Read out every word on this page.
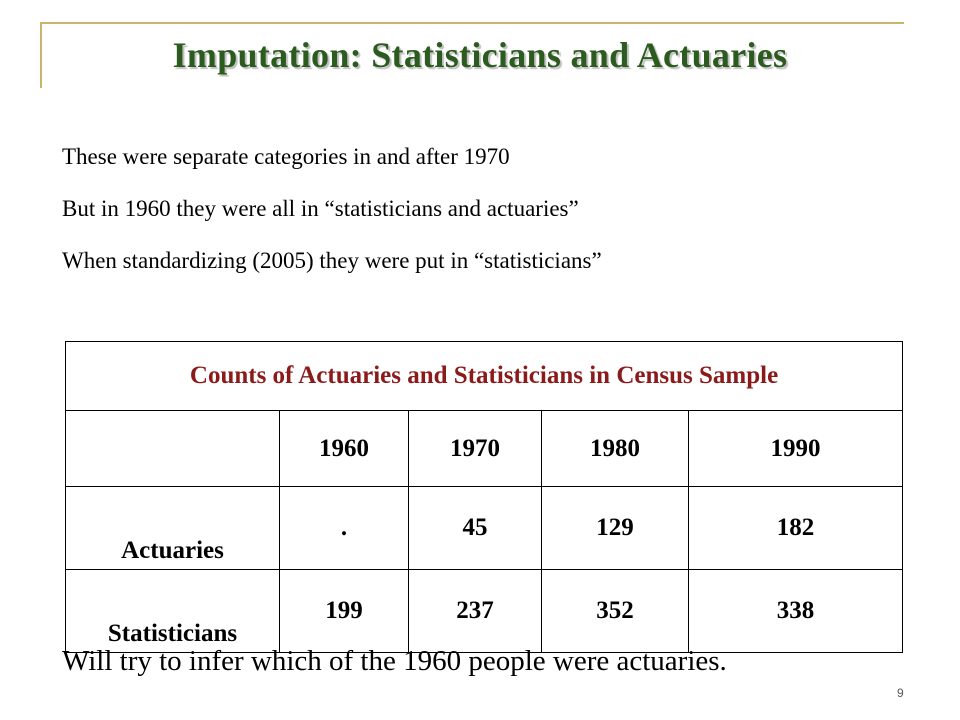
Imputation: Statisticians and Actuaries
These were separate categories in and after 1970
But in 1960 they were all in “statisticians and actuaries”
When standardizing (2005) they were put in “statisticians”
Counts of Actuaries and Statisticians in Census Sample				
	1960	1970	1980	1990
Actuaries	.	45	129	182
Statisticians	199	237	352	338
Will try to infer which of the 1960 people were actuaries.
9
